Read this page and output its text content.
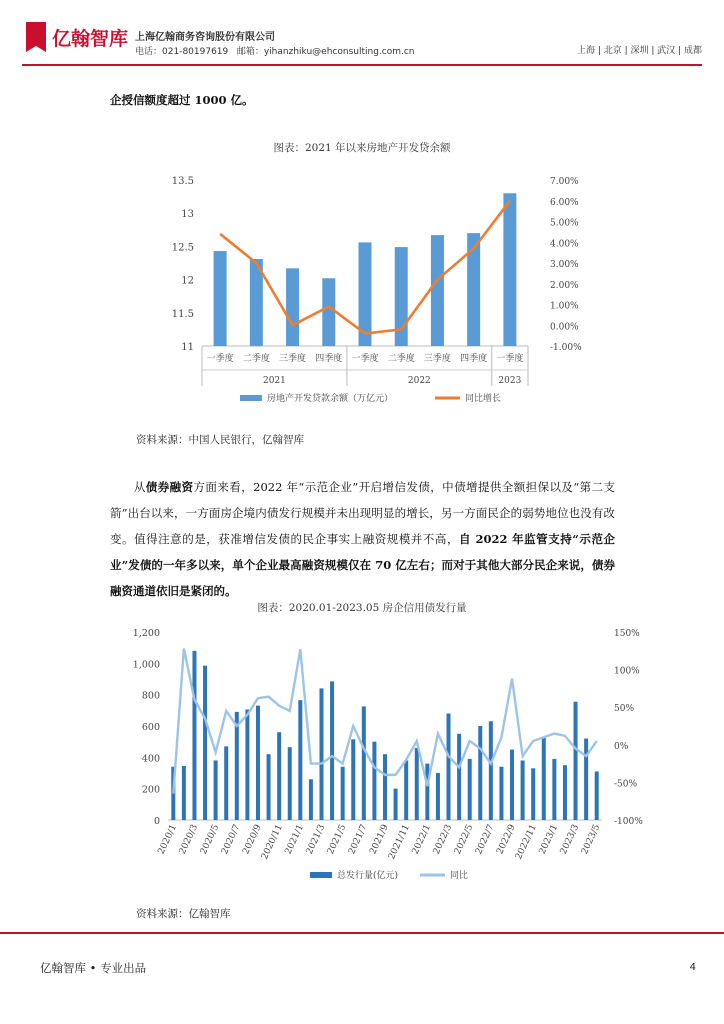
亿翰智库 上海亿翰商务咨询股份有限公司
电话：021-80197619 邮箱：yihanzhiku@ehconsulting.com.cn	上海 | 北京 | 深圳 | 武汉 | 成都
企授信额度超过 1000 亿。
图表：2021 年以来房地产开发贷余额
11
11.5
12
12.5
13
13.5
-1.00%
0.00%
1.00%
2.00%
3.00%
4.00%
5.00%
6.00%
7.00%
一季度 二季度 三季度 四季度 一季度 二季度 三季度 四季度 一季度
2021	2022	2023
房地产开发贷款余额（万亿元）	同比增长
资料来源：中国人民银行，亿翰智库
　　从债券融资方面来看，2022 年“示范企业”开启增信发债，中债增提供全额担保以及“第二支箭”出台以来，一方面房企境内债发行规模并未出现明显的增长，另一方面民企的弱势地位也没有改变。值得注意的是，获准增信发债的民企事实上融资规模并不高，自 2022 年监管支持“示范企业”发债的一年多以来，单个企业最高融资规模仅在 70 亿左右；而对于其他大部分民企来说，债券融资通道依旧是紧闭的。
图表：2020.01-2023.05 房企信用债发行量
0
200
400
600
800
1,000
1,200
-100%
-50%
0%
50%
100%
150%
2020/1
2020/3
2020/5
2020/7
2020/9
2020/11
2021/1
2021/3
2021/5
2021/7
2021/9
2021/11
2022/1
2022/3
2022/5
2022/7
2022/9
2022/11
2023/1
2023/3
2023/5
总发行量(亿元)	同比
资料来源：亿翰智库
亿翰智库 • 专业出品	4
